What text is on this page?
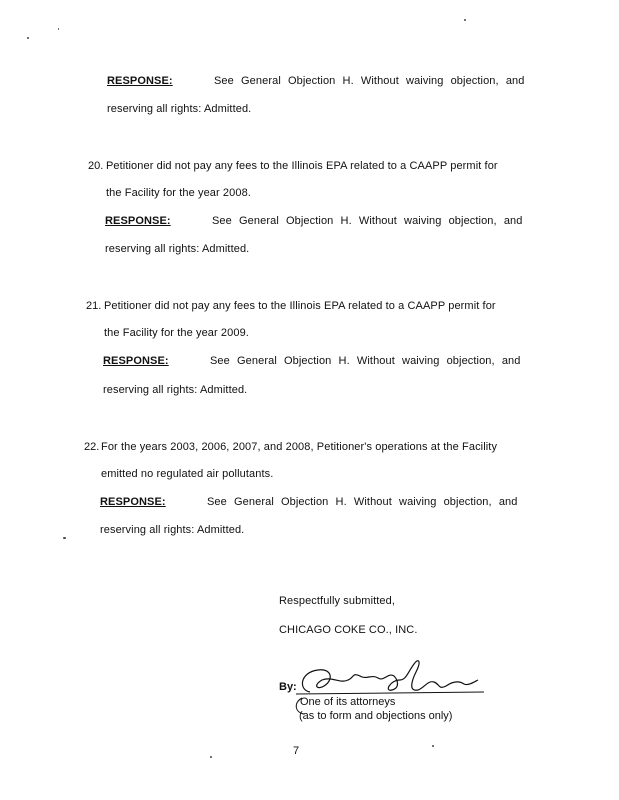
RESPONSE:	See General Objection H. Without waiving objection, and
reserving all rights: Admitted.
20. Petitioner did not pay any fees to the Illinois EPA related to a CAAPP permit for
the Facility for the year 2008.
RESPONSE:	See General Objection H. Without waiving objection, and
reserving all rights: Admitted.
21. Petitioner did not pay any fees to the Illinois EPA related to a CAAPP permit for
the Facility for the year 2009.
RESPONSE:	See General Objection H. Without waiving objection, and
reserving all rights: Admitted.
22. For the years 2003, 2006, 2007, and 2008, Petitioner's operations at the Facility
emitted no regulated air pollutants.
RESPONSE:	See General Objection H. Without waiving objection, and
reserving all rights: Admitted.
Respectfully submitted,
CHICAGO COKE CO., INC.
By:
One of its attorneys
(as to form and objections only)
7
